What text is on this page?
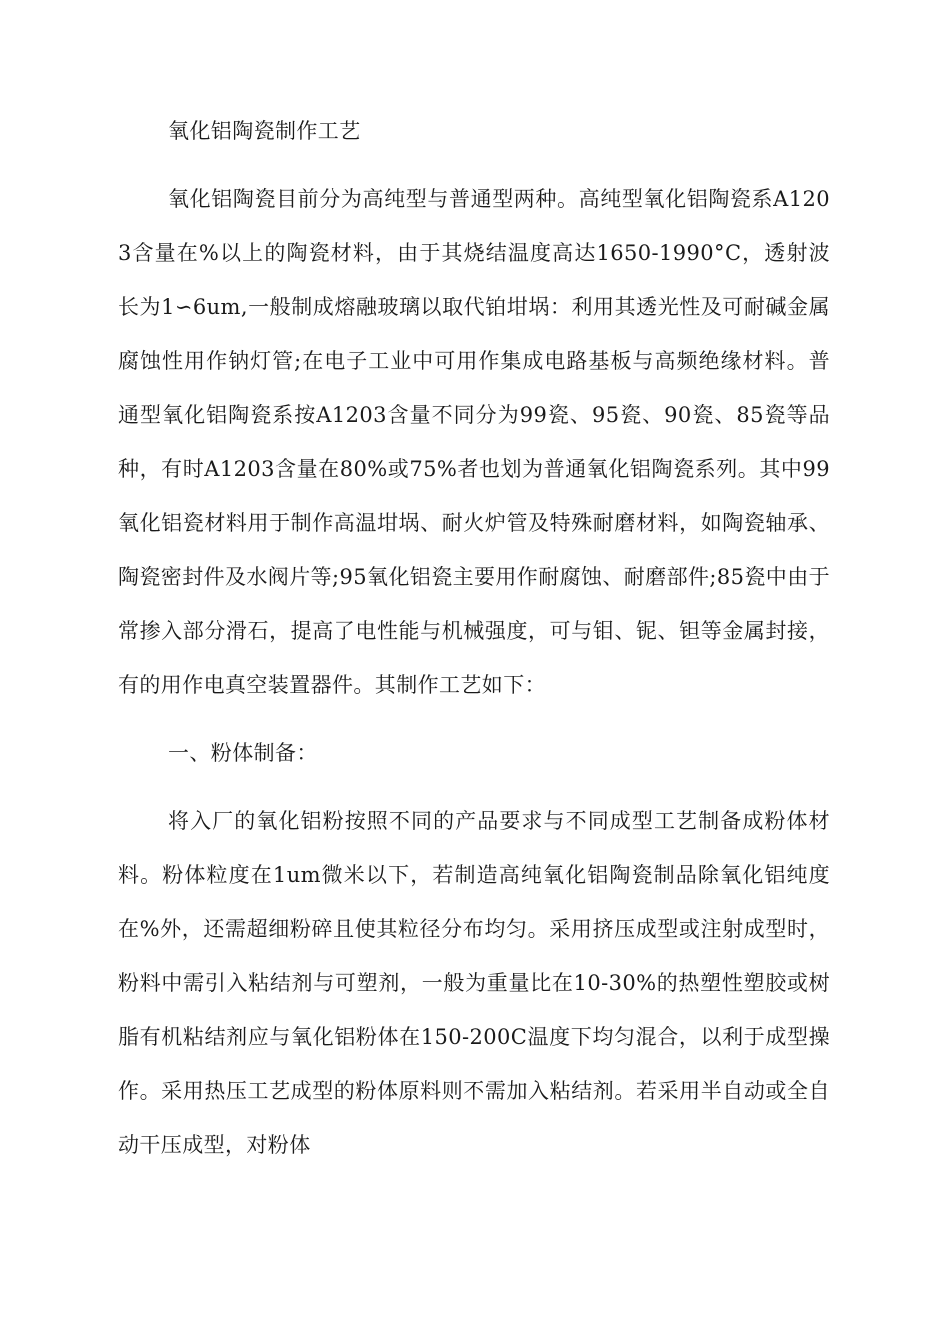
氧化铝陶瓷制作工艺

氧化铝陶瓷目前分为高纯型与普通型两种。高纯型氧化铝陶瓷系A1203含量在%以上的陶瓷材料，由于其烧结温度高达1650-1990°C，透射波长为1∽6um,一般制成熔融玻璃以取代铂坩埚：利用其透光性及可耐碱金属腐蚀性用作钠灯管;在电子工业中可用作集成电路基板与高频绝缘材料。普通型氧化铝陶瓷系按A1203含量不同分为99瓷、95瓷、90瓷、85瓷等品种，有时A1203含量在80%或75%者也划为普通氧化铝陶瓷系列。其中99氧化铝瓷材料用于制作高温坩埚、耐火炉管及特殊耐磨材料，如陶瓷轴承、陶瓷密封件及水阀片等;95氧化铝瓷主要用作耐腐蚀、耐磨部件;85瓷中由于常掺入部分滑石，提高了电性能与机械强度，可与钼、铌、钽等金属封接，有的用作电真空装置器件。其制作工艺如下：

一、粉体制备：

将入厂的氧化铝粉按照不同的产品要求与不同成型工艺制备成粉体材料。粉体粒度在1um微米以下，若制造高纯氧化铝陶瓷制品除氧化铝纯度在%外，还需超细粉碎且使其粒径分布均匀。采用挤压成型或注射成型时，粉料中需引入粘结剂与可塑剂，一般为重量比在10-30%的热塑性塑胶或树脂有机粘结剂应与氧化铝粉体在150-200C温度下均匀混合，以利于成型操作。采用热压工艺成型的粉体原料则不需加入粘结剂。若采用半自动或全自动干压成型，对粉体
